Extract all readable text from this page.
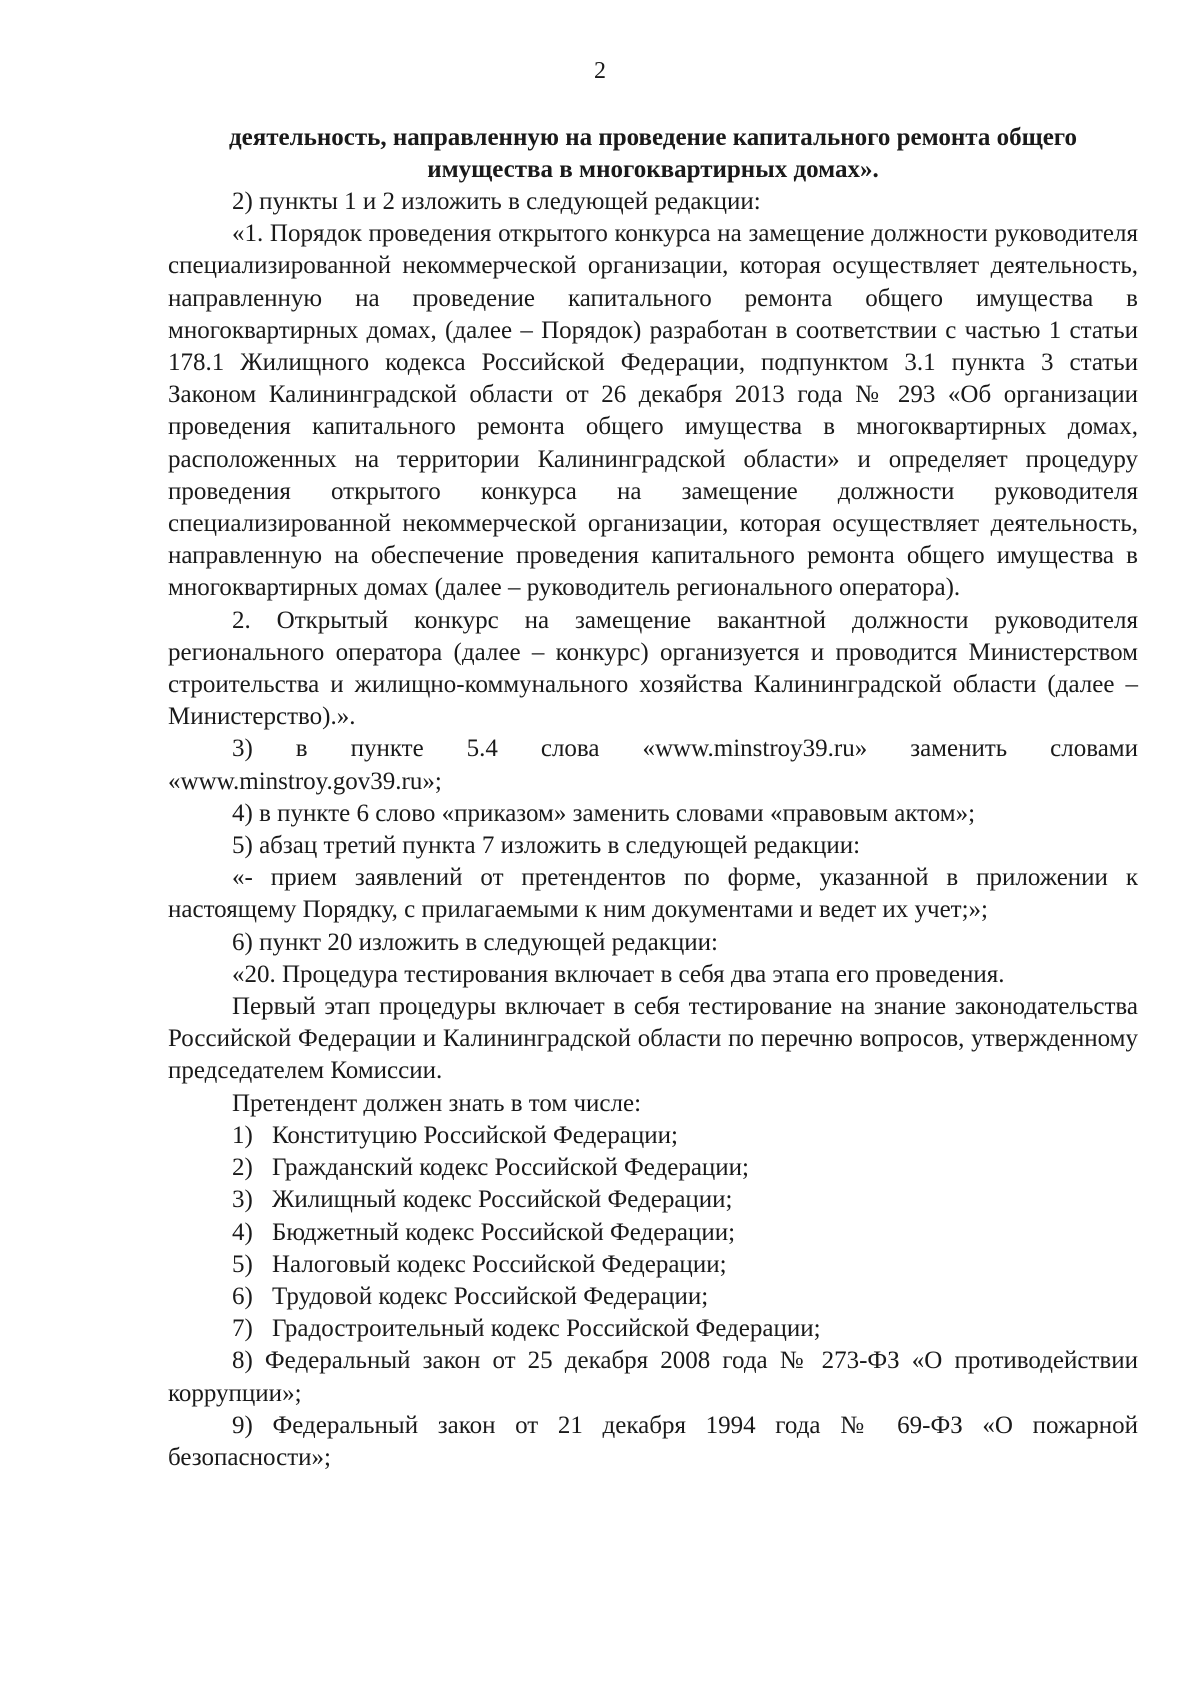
2

деятельность, направленную на проведение капитального ремонта общего имущества в многоквартирных домах».

2) пункты 1 и 2 изложить в следующей редакции:

«1. Порядок проведения открытого конкурса на замещение должности руководителя специализированной некоммерческой организации, которая осуществляет деятельность, направленную на проведение капитального ремонта общего имущества в многоквартирных домах, (далее – Порядок) разработан в соответствии с частью 1 статьи 178.1 Жилищного кодекса Российской Федерации, подпунктом 3.1 пункта 3 статьи Законом Калининградской области от 26 декабря 2013 года № 293 «Об организации проведения капитального ремонта общего имущества в многоквартирных домах, расположенных на территории Калининградской области» и определяет процедуру проведения открытого конкурса на замещение должности руководителя специализированной некоммерческой организации, которая осуществляет деятельность, направленную на обеспечение проведения капитального ремонта общего имущества в многоквартирных домах (далее – руководитель регионального оператора).

2. Открытый конкурс на замещение вакантной должности руководителя регионального оператора (далее – конкурс) организуется и проводится Министерством строительства и жилищно-коммунального хозяйства Калининградской области (далее – Министерство).».

3) в пункте 5.4 слова «www.minstroy39.ru» заменить словами «www.minstroy.gov39.ru»;

4) в пункте 6 слово «приказом» заменить словами «правовым актом»;

5) абзац третий пункта 7 изложить в следующей редакции:

«- прием заявлений от претендентов по форме, указанной в приложении к настоящему Порядку, с прилагаемыми к ним документами и ведет их учет;»;

6) пункт 20 изложить в следующей редакции:

«20. Процедура тестирования включает в себя два этапа его проведения.

Первый этап процедуры включает в себя тестирование на знание законодательства Российской Федерации и Калининградской области по перечню вопросов, утвержденному председателем Комиссии.

Претендент должен знать в том числе:

1) Конституцию Российской Федерации;

2) Гражданский кодекс Российской Федерации;

3) Жилищный кодекс Российской Федерации;

4) Бюджетный кодекс Российской Федерации;

5) Налоговый кодекс Российской Федерации;

6) Трудовой кодекс Российской Федерации;

7) Градостроительный кодекс Российской Федерации;

8) Федеральный закон от 25 декабря 2008 года № 273-ФЗ «О противодействии коррупции»;

9) Федеральный закон от 21 декабря 1994 года № 69-ФЗ «О пожарной безопасности»;
